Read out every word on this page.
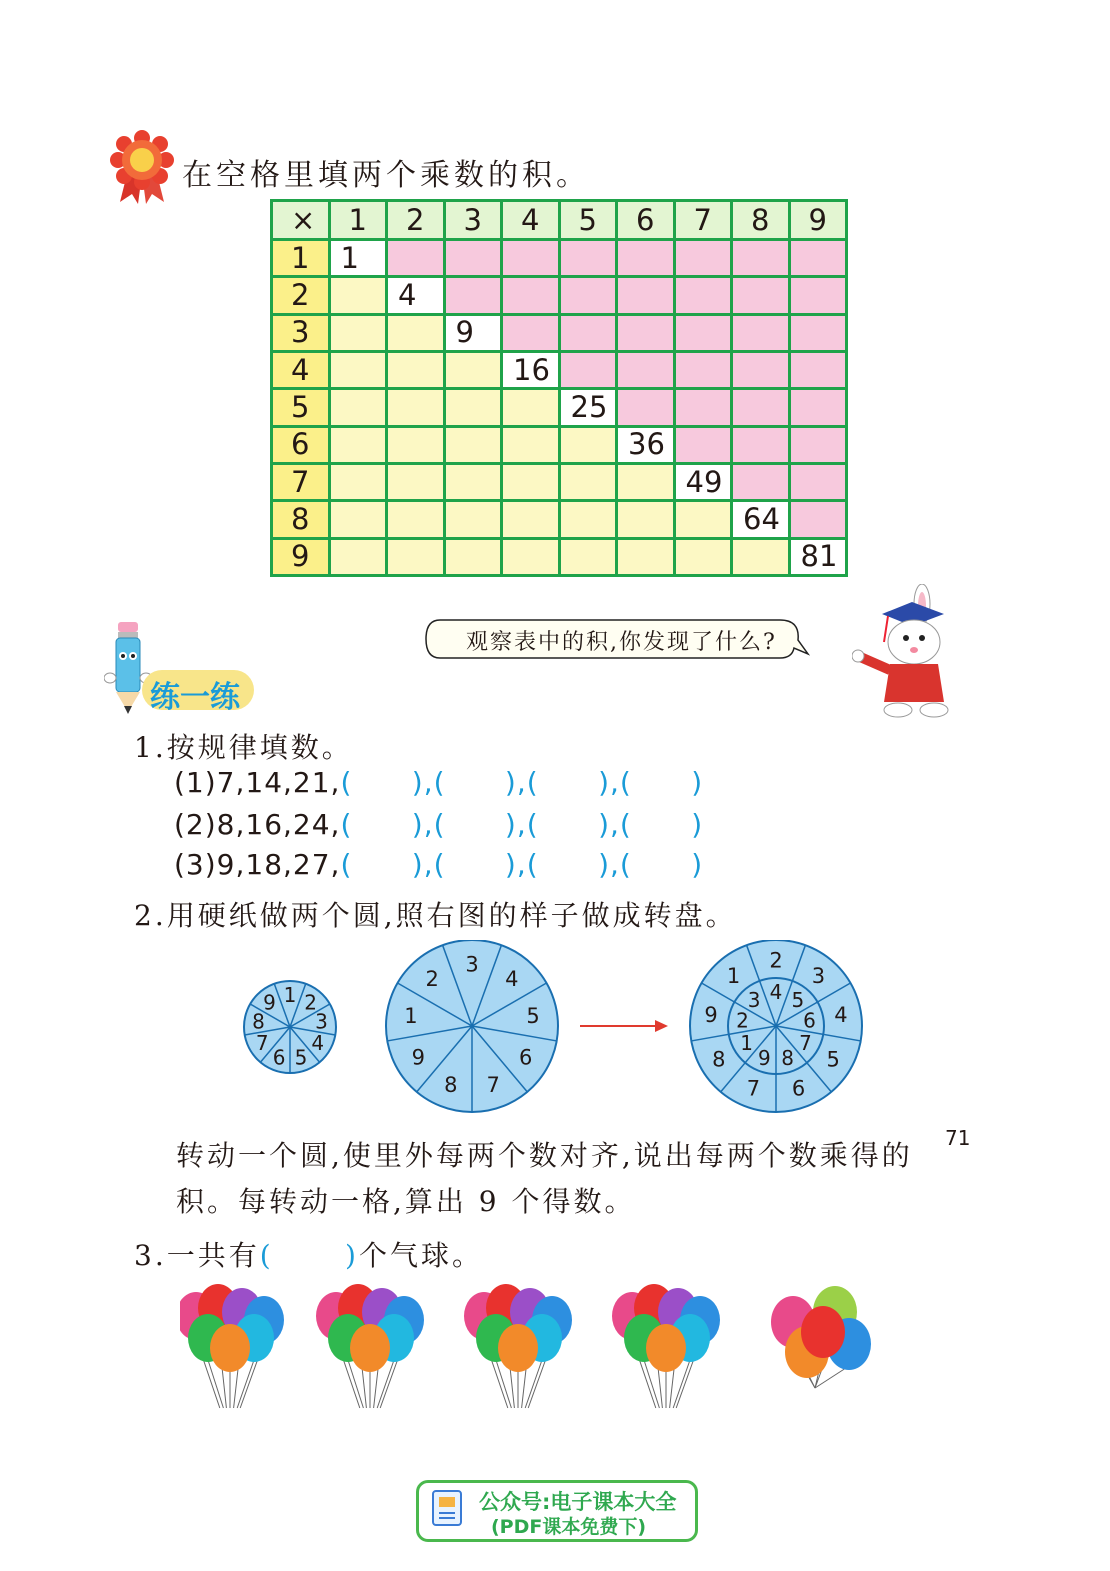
在空格里填两个乘数的积。
×	1	2	3	4	5	6	7	8	9
1	1								
2		4							
3			9						
4				16					
5					25				
6						36			
7							49		
8								64	
9									81
观察表中的积,你发现了什么?
练一练
1.按规律填数。
(1)7,14,21,(      ),(      ),(      ),(      )
(2)8,16,24,(      ),(      ),(      ),(      )
(3)9,18,27,(      ),(      ),(      ),(      )
2.用硬纸做两个圆,照右图的样子做成转盘。
1 2
3
4
5
6
7
8
9
3
4
5
6
7
8
9
1
2
2
3
4
5
6
7
8
9
1
4 5
6
7
8
9
1
2
3
转动一个圆,使里外每两个数对齐,说出每两个数乘得的
积。每转动一格,算出 9 个得数。
3.一共有(      )个气球。
71
公众号:电子课本大全
(PDF课本免费下)
